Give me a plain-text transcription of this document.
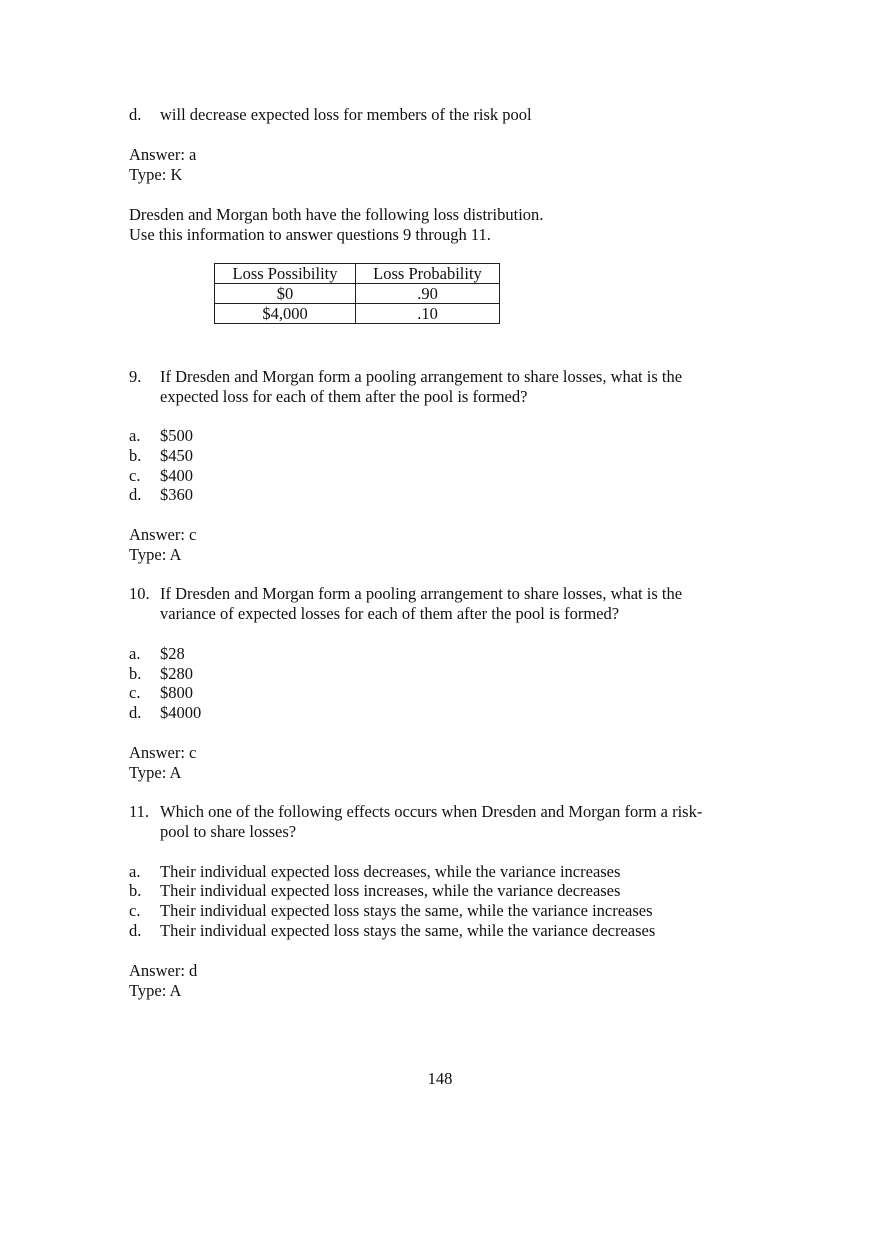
d. will decrease expected loss for members of the risk pool
Answer: a
Type: K
Dresden and Morgan both have the following loss distribution.
Use this information to answer questions 9 through 11.
Loss Possibility	Loss Probability
$0	.90
$4,000	.10
9. If Dresden and Morgan form a pooling arrangement to share losses, what is the
expected loss for each of them after the pool is formed?
a. $500
b. $450
c. $400
d. $360
Answer: c
Type: A
10. If Dresden and Morgan form a pooling arrangement to share losses, what is the
variance of expected losses for each of them after the pool is formed?
a. $28
b. $280
c. $800
d. $4000
Answer: c
Type: A
11. Which one of the following effects occurs when Dresden and Morgan form a risk-
pool to share losses?
a. Their individual expected loss decreases, while the variance increases
b. Their individual expected loss increases, while the variance decreases
c. Their individual expected loss stays the same, while the variance increases
d. Their individual expected loss stays the same, while the variance decreases
Answer: d
Type: A
148
